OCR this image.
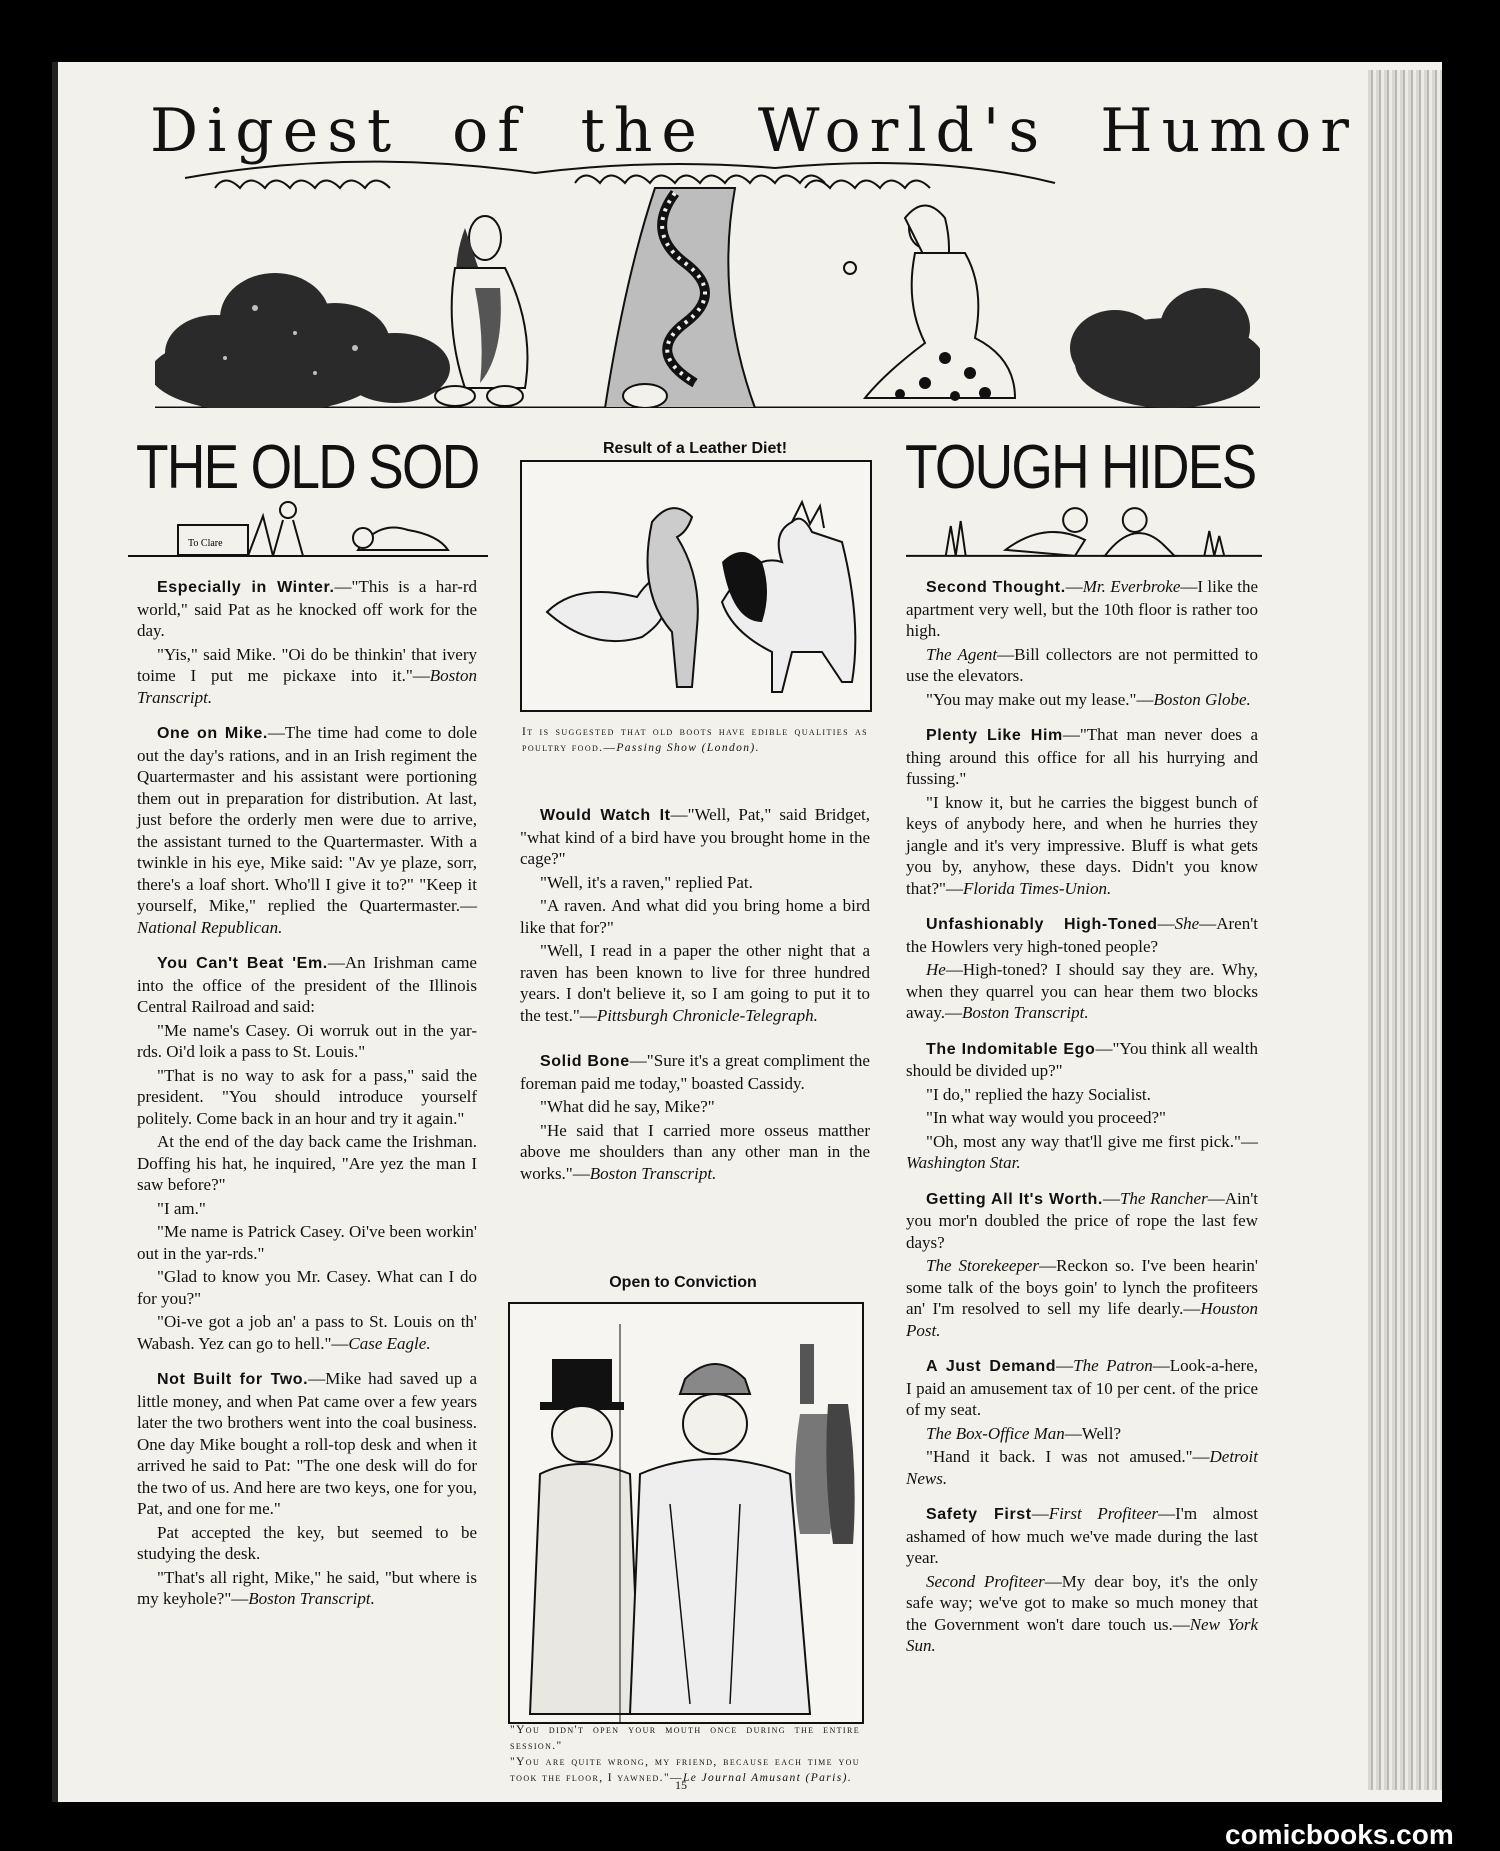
Digest of the World's Humor
THE OLD SOD
To Clare

Especially in Winter.—"This is a har-rd world," said Pat as he knocked off work for the day.

"Yis," said Mike. "Oi do be thinkin' that ivery toime I put me pickaxe into it."—Boston Transcript.

One on Mike.—The time had come to dole out the day's rations, and in an Irish regiment the Quartermaster and his assistant were portioning them out in preparation for distribution. At last, just before the orderly men were due to arrive, the assistant turned to the Quartermaster. With a twinkle in his eye, Mike said: "Av ye plaze, sorr, there's a loaf short. Who'll I give it to?" "Keep it yourself, Mike," replied the Quartermaster.—National Republican.

You Can't Beat 'Em.—An Irishman came into the office of the president of the Illinois Central Railroad and said:

"Me name's Casey. Oi worruk out in the yar-rds. Oi'd loik a pass to St. Louis."

"That is no way to ask for a pass," said the president. "You should introduce yourself politely. Come back in an hour and try it again."

At the end of the day back came the Irishman. Doffing his hat, he inquired, "Are yez the man I saw before?"

"I am."

"Me name is Patrick Casey. Oi've been workin' out in the yar-rds."

"Glad to know you Mr. Casey. What can I do for you?"

"Oi-ve got a job an' a pass to St. Louis on th' Wabash. Yez can go to hell."—Case Eagle.

Not Built for Two.—Mike had saved up a little money, and when Pat came over a few years later the two brothers went into the coal business. One day Mike bought a roll-top desk and when it arrived he said to Pat: "The one desk will do for the two of us. And here are two keys, one for you, Pat, and one for me."

Pat accepted the key, but seemed to be studying the desk.

"That's all right, Mike," he said, "but where is my keyhole?"—Boston Transcript.

Result of a Leather Diet!
It is suggested that old boots have edible qualities as poultry food.—Passing Show (London).

Would Watch It—"Well, Pat," said Bridget, "what kind of a bird have you brought home in the cage?"

"Well, it's a raven," replied Pat.

"A raven. And what did you bring home a bird like that for?"

"Well, I read in a paper the other night that a raven has been known to live for three hundred years. I don't believe it, so I am going to put it to the test."—Pittsburgh Chronicle-Telegraph.

Solid Bone—"Sure it's a great compliment the foreman paid me today," boasted Cassidy.

"What did he say, Mike?"

"He said that I carried more osseus matther above me shoulders than any other man in the works."—Boston Transcript.

Open to Conviction
"You didn't open your mouth once during the entire session."
"You are quite wrong, my friend, because each time you took the floor, I yawned."—Le Journal Amusant (Paris).
TOUGH HIDES

Second Thought.—Mr. Everbroke—I like the apartment very well, but the 10th floor is rather too high.

The Agent—Bill collectors are not permitted to use the elevators.

"You may make out my lease."—Boston Globe.

Plenty Like Him—"That man never does a thing around this office for all his hurrying and fussing."

"I know it, but he carries the biggest bunch of keys of anybody here, and when he hurries they jangle and it's very impressive. Bluff is what gets you by, anyhow, these days. Didn't you know that?"—Florida Times-Union.

Unfashionably High-Toned—She—Aren't the Howlers very high-toned people?

He—High-toned? I should say they are. Why, when they quarrel you can hear them two blocks away.—Boston Transcript.

The Indomitable Ego—"You think all wealth should be divided up?"

"I do," replied the hazy Socialist.

"In what way would you proceed?"

"Oh, most any way that'll give me first pick."—Washington Star.

Getting All It's Worth.—The Rancher—Ain't you mor'n doubled the price of rope the last few days?

The Storekeeper—Reckon so. I've been hearin' some talk of the boys goin' to lynch the profiteers an' I'm resolved to sell my life dearly.—Houston Post.

A Just Demand—The Patron—Look-a-here, I paid an amusement tax of 10 per cent. of the price of my seat.

The Box-Office Man—Well?

"Hand it back. I was not amused."—Detroit News.

Safety First—First Profiteer—I'm almost ashamed of how much we've made during the last year.

Second Profiteer—My dear boy, it's the only safe way; we've got to make so much money that the Government won't dare touch us.—New York Sun.

15
comicbooks.com
